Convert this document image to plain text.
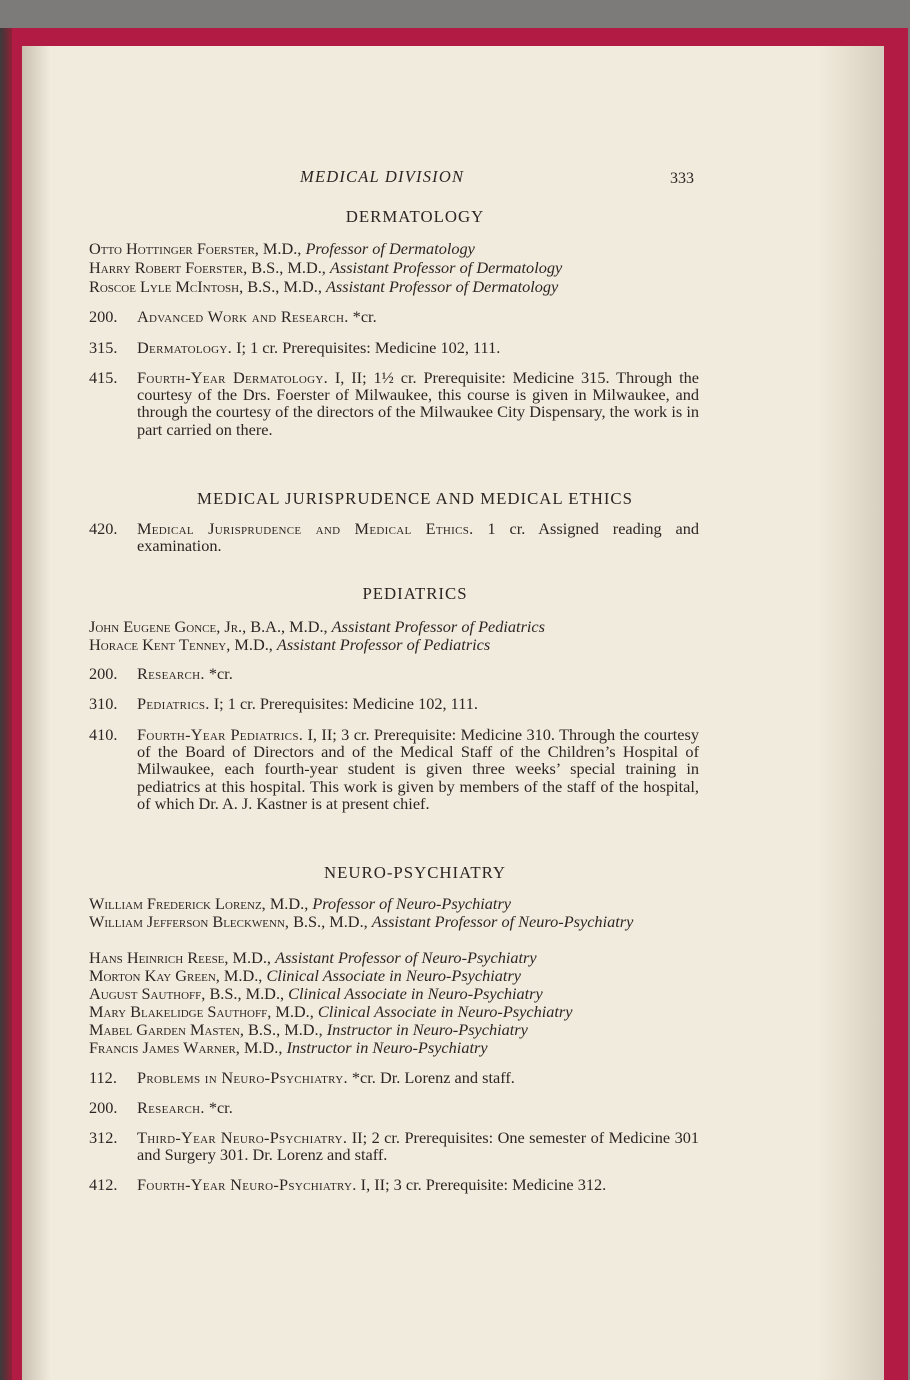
MEDICAL DIVISION	333
DERMATOLOGY
Otto Hottinger Foerster, M.D., Professor of Dermatology
Harry Robert Foerster, B.S., M.D., Assistant Professor of Dermatology
Roscoe Lyle McIntosh, B.S., M.D., Assistant Professor of Dermatology
200.	Advanced Work and Research. *cr.
315.	Dermatology. I; 1 cr. Prerequisites: Medicine 102, 111.
415.	Fourth-Year Dermatology. I, II; 1½ cr. Prerequisite: Medicine 315. Through the courtesy of the Drs. Foerster of Milwaukee, this course is given in Milwaukee, and through the courtesy of the directors of the Milwaukee City Dispensary, the work is in part carried on there.
MEDICAL JURISPRUDENCE AND MEDICAL ETHICS
420.	Medical Jurisprudence and Medical Ethics. 1 cr. Assigned reading and examination.
PEDIATRICS
John Eugene Gonce, Jr., B.A., M.D., Assistant Professor of Pediatrics
Horace Kent Tenney, M.D., Assistant Professor of Pediatrics
200.	Research. *cr.
310.	Pediatrics. I; 1 cr. Prerequisites: Medicine 102, 111.
410.	Fourth-Year Pediatrics. I, II; 3 cr. Prerequisite: Medicine 310. Through the courtesy of the Board of Directors and of the Medical Staff of the Children’s Hospital of Milwaukee, each fourth-year student is given three weeks’ special training in pediatrics at this hospital. This work is given by members of the staff of the hospital, of which Dr. A. J. Kastner is at present chief.
NEURO-PSYCHIATRY
William Frederick Lorenz, M.D., Professor of Neuro-Psychiatry
William Jefferson Bleckwenn, B.S., M.D., Assistant Professor of Neuro-Psychiatry
Hans Heinrich Reese, M.D., Assistant Professor of Neuro-Psychiatry
Morton Kay Green, M.D., Clinical Associate in Neuro-Psychiatry
August Sauthoff, B.S., M.D., Clinical Associate in Neuro-Psychiatry
Mary Blakelidge Sauthoff, M.D., Clinical Associate in Neuro-Psychiatry
Mabel Garden Masten, B.S., M.D., Instructor in Neuro-Psychiatry
Francis James Warner, M.D., Instructor in Neuro-Psychiatry
112.	Problems in Neuro-Psychiatry. *cr. Dr. Lorenz and staff.
200.	Research. *cr.
312.	Third-Year Neuro-Psychiatry. II; 2 cr. Prerequisites: One semester of Medicine 301 and Surgery 301. Dr. Lorenz and staff.
412.	Fourth-Year Neuro-Psychiatry. I, II; 3 cr. Prerequisite: Medicine 312.
